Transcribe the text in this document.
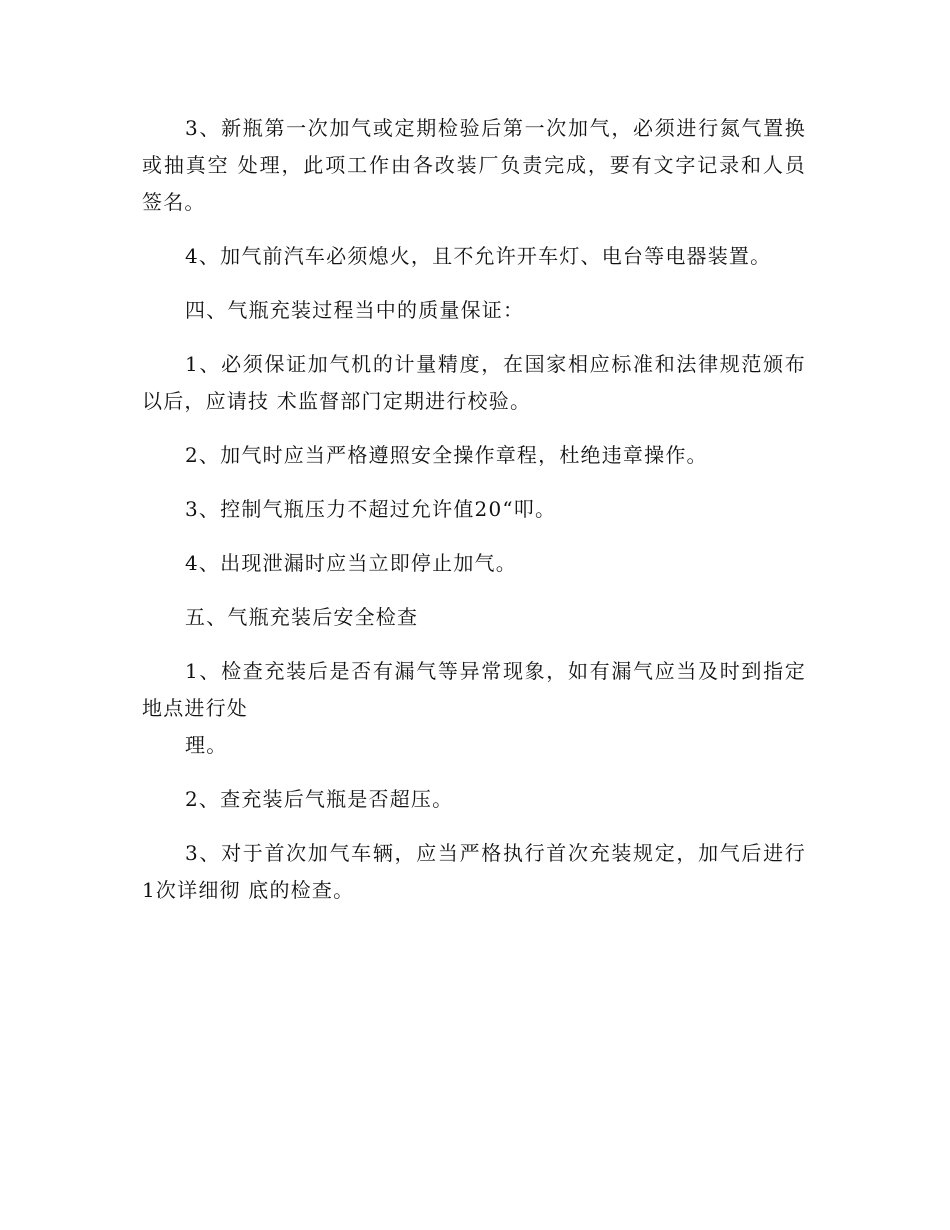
3、新瓶第一次加气或定期检验后第一次加气，必须进行氮气置换或抽真空 处理，此项工作由各改装厂负责完成，要有文字记录和人员签名。

4、加气前汽车必须熄火，且不允许开车灯、电台等电器装置。

四、气瓶充装过程当中的质量保证：

1、必须保证加气机的计量精度，在国家相应标准和法律规范颁布以后，应请技 术监督部门定期进行校验。

2、加气时应当严格遵照安全操作章程，杜绝违章操作。

3、控制气瓶压力不超过允许值20“叩。

4、出现泄漏时应当立即停止加气。

五、气瓶充装后安全检查

1、检查充装后是否有漏气等异常现象，如有漏气应当及时到指定地点进行处

理。

2、查充装后气瓶是否超压。

3、对于首次加气车辆，应当严格执行首次充装规定，加气后进行1次详细彻 底的检查。
